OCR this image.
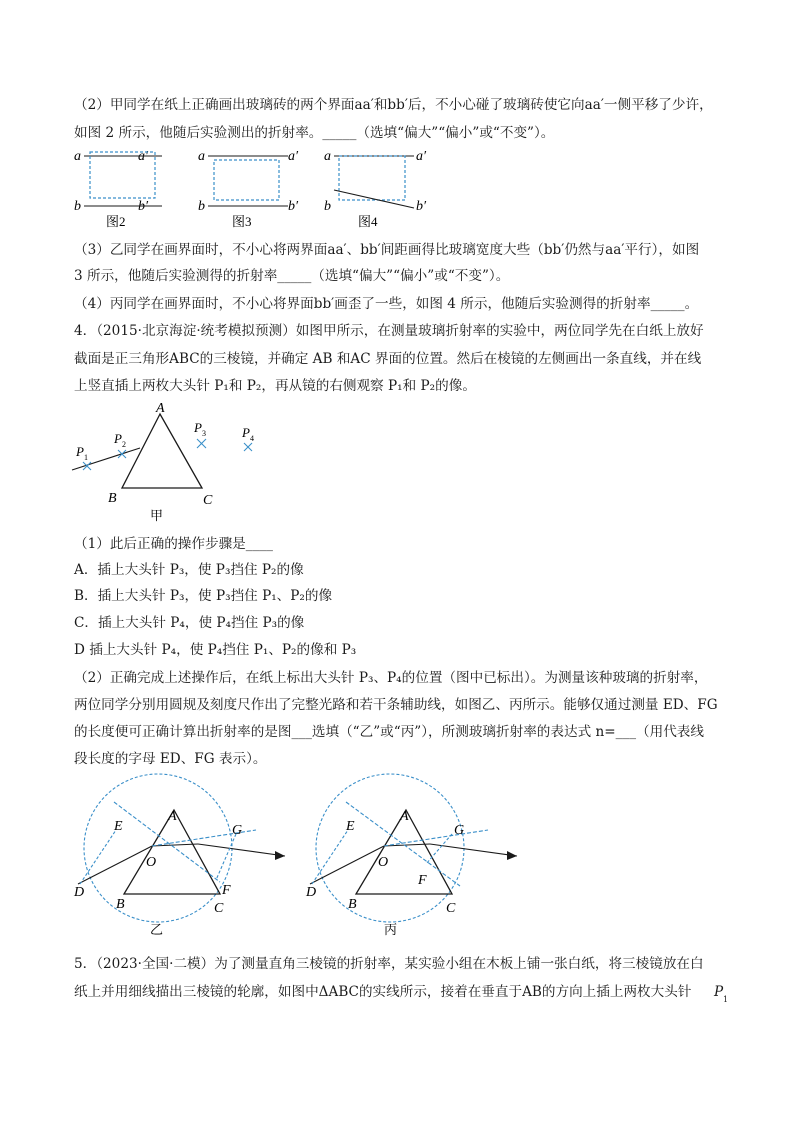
（2）甲同学在纸上正确画出玻璃砖的两个界面aa′和bb′后，不小心碰了玻璃砖使它向aa′一侧平移了少许，

如图 2 所示，他随后实验测出的折射率。_____（选填“偏大”“偏小”或“不变”）。

a	a′
b	b′
图2
a	a′
b	b′
图3
a	a′
b	b′
图4

（3）乙同学在画界面时，不小心将两界面aa′、bb′间距画得比玻璃宽度大些（bb′仍然与aa′平行），如图

3 所示，他随后实验测得的折射率_____（选填“偏大”“偏小”或“不变”）。

（4）丙同学在画界面时，不小心将界面bb′画歪了一些，如图 4 所示，他随后实验测得的折射率_____。

4．（2015·北京海淀·统考模拟预测）如图甲所示，在测量玻璃折射率的实验中，两位同学先在白纸上放好

截面是正三角形ABC的三棱镜，并确定 AB 和AC 界面的位置。然后在棱镜的左侧画出一条直线，并在线

上竖直插上两枚大头针 P₁和 P₂，再从镜的右侧观察 P₁和 P₂的像。

A
B	C
P 1
P 2
P 3	P 4
甲

（1）此后正确的操作步骤是____

A．插上大头针 P₃，使 P₃挡住 P₂的像

B．插上大头针 P₃，使 P₃挡住 P₁、P₂的像

C．插上大头针 P₄，使 P₄挡住 P₃的像

D 插上大头针 P₄，使 P₄挡住 P₁、P₂的像和 P₃

（2）正确完成上述操作后，在纸上标出大头针 P₃、P₄的位置（图中已标出）。为测量该种玻璃的折射率，

两位同学分别用圆规及刻度尺作出了完整光路和若干条辅助线，如图乙、丙所示。能够仅通过测量 ED、FG

的长度便可正确计算出折射率的是图___选填（“乙”或“丙”），所测玻璃折射率的表达式 n=___（用代表线

段长度的字母 ED、FG 表示）。

A
B	C
D
E
F
G
O
乙
A
B	C
D
E
F
G
O
丙

5．（2023·全国·二模）为了测量直角三棱镜的折射率，某实验小组在木板上铺一张白纸，将三棱镜放在白

纸上并用细线描出三棱镜的轮廓，如图中ΔABC的实线所示，接着在垂直于AB的方向上插上两枚大头针	P 1
